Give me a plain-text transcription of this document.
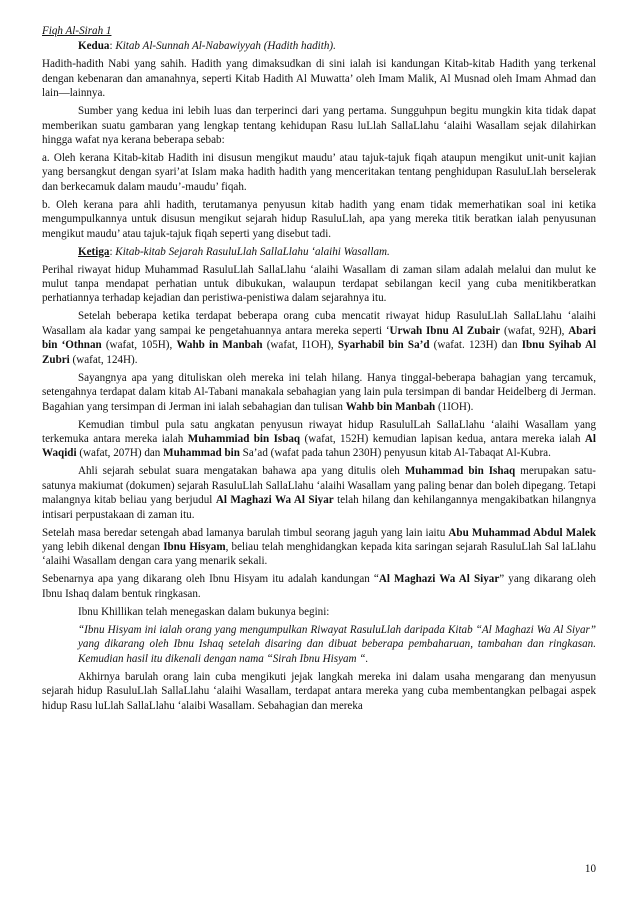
Fiqh Al-Sirah 1

Kedua: Kitab Al-Sunnah Al-Nabawiyyah (Hadith hadith).

Hadith-hadith Nabi yang sahih. Hadith yang dimaksudkan di sini ialah isi kandungan Kitab-kitab Hadith yang terkenal dengan kebenaran dan amanahnya, seperti Kitab Hadith Al Muwatta’ oleh Imam Malik, Al Musnad oleh Imam Ahmad dan lain—lainnya.

Sumber yang kedua ini lebih luas dan terperinci dari yang pertama. Sungguhpun begitu mungkin kita tidak dapat memberikan suatu gambaran yang lengkap tentang kehidupan Rasu luLlah SallaLlahu ‘alaihi Wasallam sejak dilahirkan hingga wafat nya kerana beberapa sebab:

a. Oleh kerana Kitab-kitab Hadith ini disusun mengikut maudu’ atau tajuk-tajuk fiqah ataupun mengikut unit-unit kajian yang bersangkut dengan syari’at Islam maka hadith hadith yang menceritakan tentang penghidupan RasuluLlah berselerak dan berkecamuk dalam maudu’-maudu’ fiqah.

b. Oleh kerana para ahli hadith, terutamanya penyusun kitab hadith yang enam tidak memerhatikan soal ini ketika mengumpulkannya untuk disusun mengikut sejarah hidup RasuluLlah, apa yang mereka titik beratkan ialah penyusunan mengikut maudu’ atau tajuk-tajuk fiqah seperti yang disebut tadi.

Ketiga: Kitab-kitab Sejarah RasuluLlah SallaLlahu ‘alaihi Wasallam.

Perihal riwayat hidup Muhammad RasuluLlah SallaLlahu ‘alaihi Wasallam di zaman silam adalah melalui dan mulut ke mulut tanpa mendapat perhatian untuk dibukukan, walaupun terdapat sebilangan kecil yang cuba menitikberatkan perhatiannya terhadap kejadian dan peristiwa-penistiwa dalam sejarahnya itu.

Setelah beberapa ketika terdapat beberapa orang cuba mencatit riwayat hidup RasuluLlah SallaLlahu ‘alaihi Wasallam ala kadar yang sampai ke pengetahuannya antara mereka seperti ‘Urwah Ibnu Al Zubair (wafat, 92H), Abari bin ‘Othnan (wafat, 105H), Wahb in Manbah (wafat, I1OH), Syarhabil bin Sa’d (wafat. 123H) dan Ibnu Syihab Al Zubri (wafat, 124H).

Sayangnya apa yang dituliskan oleh mereka ini telah hilang. Hanya tinggal-beberapa bahagian yang tercamuk, setengahnya terdapat dalam kitab Al-Tabani manakala sebahagian yang lain pula tersimpan di bandar Heidelberg di Jerman. Bagahian yang tersimpan di Jerman ini ialah sebahagian dan tulisan Wahb bin Manbah (1IOH).

Kemudian timbul pula satu angkatan penyusun riwayat hidup RasululLah SallaLlahu ‘alaihi Wasallam yang terkemuka antara mereka ialah Muhammiad bin Isbaq (wafat, 152H) kemudian lapisan kedua, antara mereka ialah Al Waqidi (wafat, 207H) dan Muhammad bin Sa’ad (wafat pada tahun 230H) penyusun kitab Al-Tabaqat Al-Kubra.

Ahli sejarah sebulat suara mengatakan bahawa apa yang ditulis oleh Muhammad bin Ishaq merupakan satu-satunya makiumat (dokumen) sejarah RasuluLlah SallaLlahu ‘alaihi Wasallam yang paling benar dan boleh dipegang. Tetapi malangnya kitab beliau yang berjudul Al Maghazi Wa Al Siyar telah hilang dan kehilangannya mengakibatkan hilangnya intisari perpustakaan di zaman itu.

Setelah masa beredar setengah abad lamanya barulah timbul seorang jaguh yang lain iaitu Abu Muhammad Abdul Malek yang lebih dikenal dengan Ibnu Hisyam, beliau telah menghidangkan kepada kita saringan sejarah RasuluLlah Sal laLlahu ‘alaihi Wasallam dengan cara yang menarik sekali.

Sebenarnya apa yang dikarang oleh Ibnu Hisyam itu adalah kandungan “Al Maghazi Wa Al Siyar” yang dikarang oleh Ibnu Ishaq dalam bentuk ringkasan.

Ibnu Khillikan telah menegaskan dalam bukunya begini:

“Ibnu Hisyam ini ialah orang yang mengumpulkan Riwayat RasuluLlah daripada Kitab “Al Maghazi Wa Al Siyar” yang dikarang oleh Ibnu Ishaq setelah disaring dan dibuat beberapa pembaharuan, tambahan dan ringkasan. Kemudian hasil itu dikenali dengan nama “Sirah Ibnu Hisyam “.

Akhirnya barulah orang lain cuba mengikuti jejak langkah mereka ini dalam usaha mengarang dan menyusun sejarah hidup RasuluLlah SallaLlahu ‘alaihi Wasallam, terdapat antara mereka yang cuba membentangkan pelbagai aspek hidup Rasu luLlah SallaLlahu ‘alaibi Wasallam. Sebahagian dan mereka

10
